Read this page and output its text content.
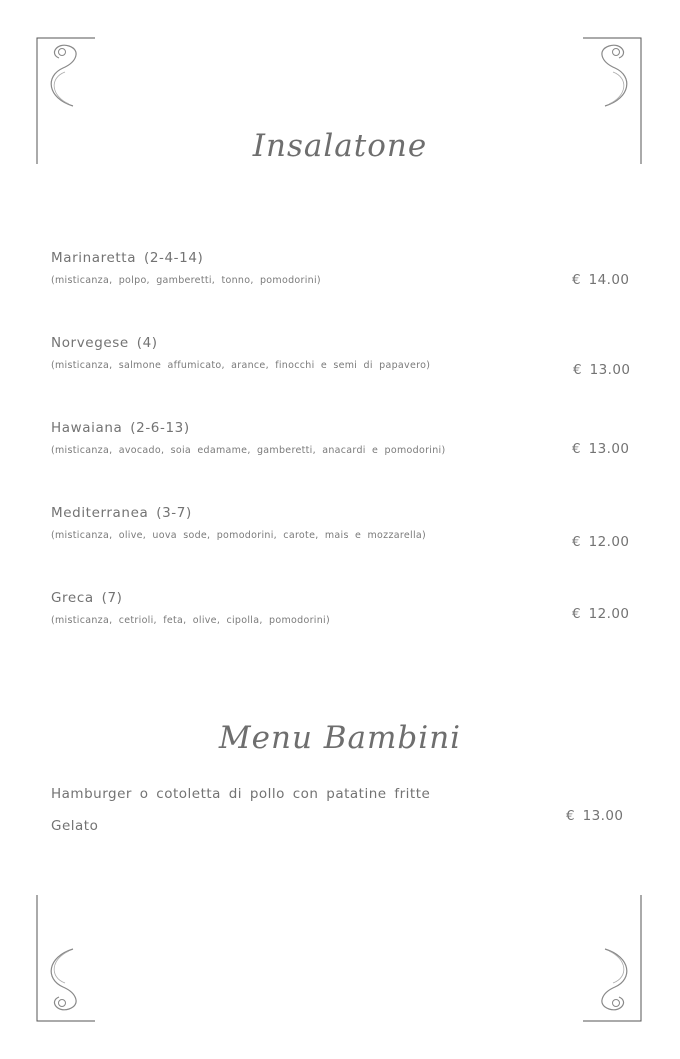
Insalatone
Marinaretta (2-4-14)
(misticanza, polpo, gamberetti, tonno, pomodorini)	€ 14.00
Norvegese (4)
(misticanza, salmone affumicato, arance, finocchi e semi di papavero)	€ 13.00
Hawaiana (2-6-13)
(misticanza, avocado, soia edamame, gamberetti, anacardi e pomodorini)	€ 13.00
Mediterranea (3-7)
(misticanza, olive, uova sode, pomodorini, carote, mais e mozzarella)	€ 12.00
Greca (7)
(misticanza, cetrioli, feta, olive, cipolla, pomodorini)	€ 12.00
Menu Bambini
Hamburger o cotoletta di pollo con patatine fritte
Gelato
€ 13.00
